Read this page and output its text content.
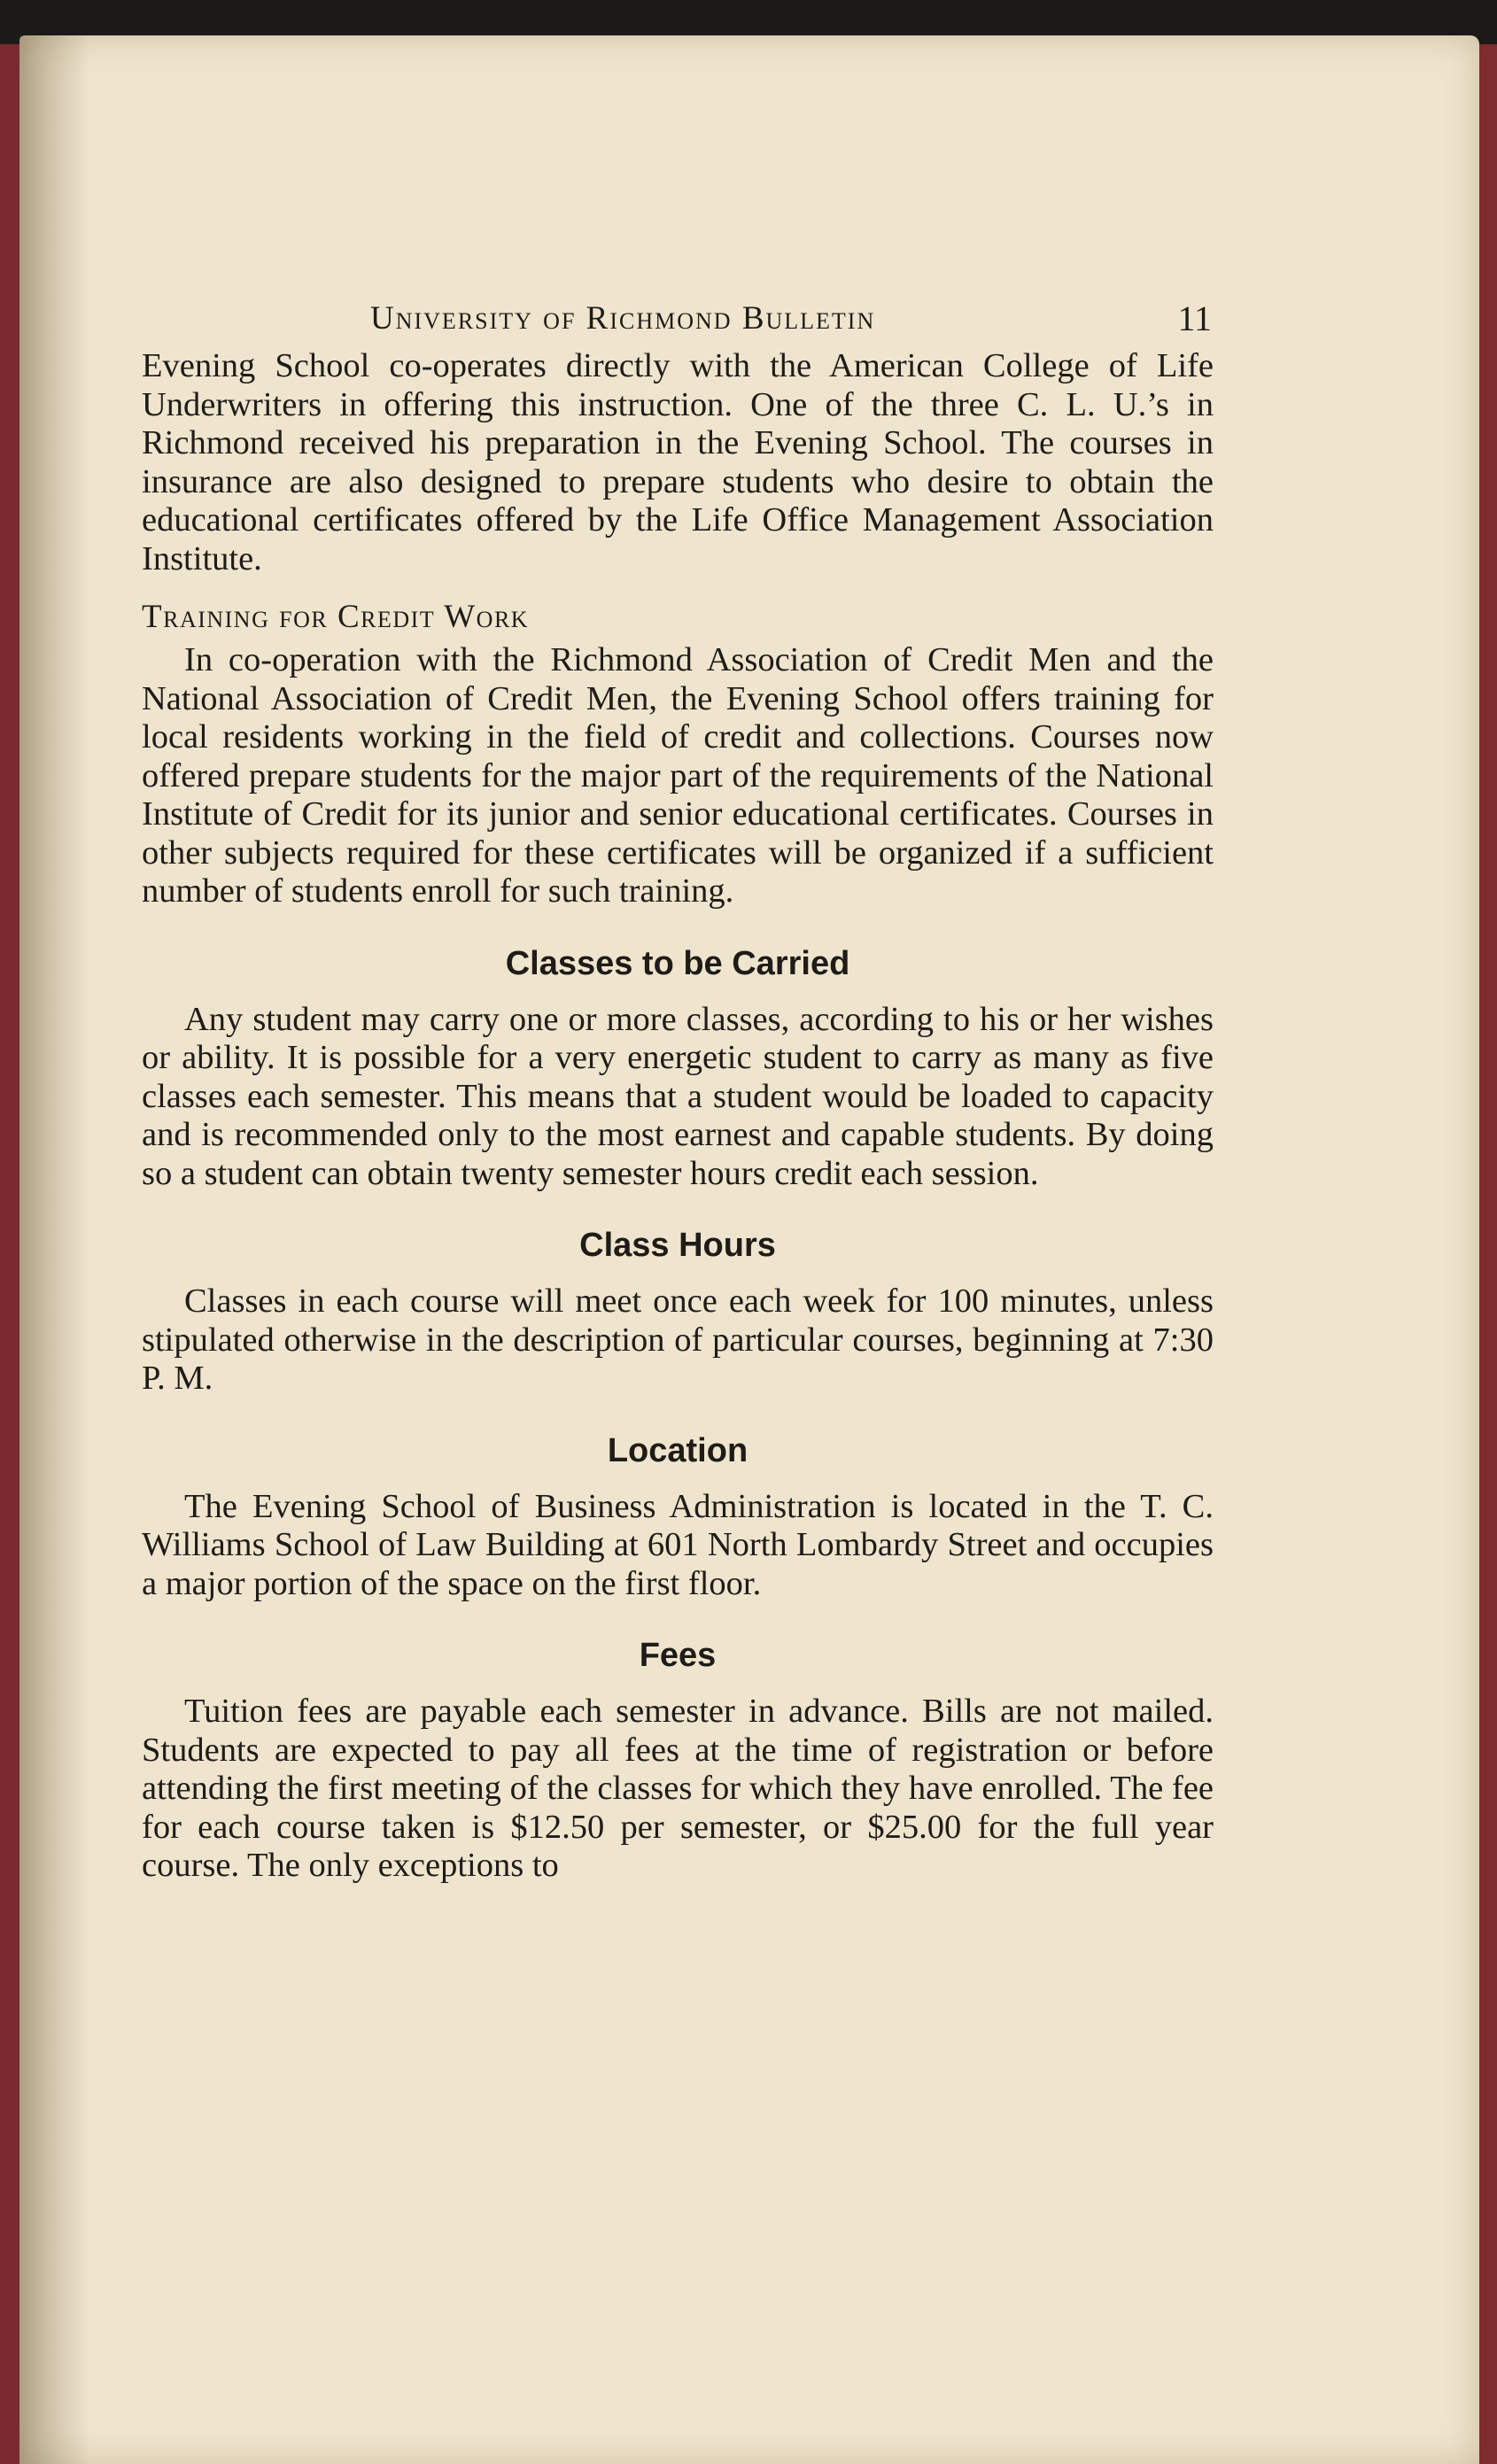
University of Richmond Bulletin	11

Evening School co-operates directly with the American College of Life Underwriters in offering this instruction. One of the three C. L. U.’s in Richmond received his preparation in the Evening School. The courses in insurance are also designed to prepare students who desire to obtain the educational certificates offered by the Life Office Management Association Institute.

Training for Credit Work

In co-operation with the Richmond Association of Credit Men and the National Association of Credit Men, the Evening School offers training for local residents working in the field of credit and collections. Courses now offered prepare students for the major part of the requirements of the National Institute of Credit for its junior and senior educational certificates. Courses in other subjects required for these certificates will be organized if a sufficient number of students enroll for such training.

Classes to be Carried

Any student may carry one or more classes, according to his or her wishes or ability. It is possible for a very energetic student to carry as many as five classes each semester. This means that a student would be loaded to capacity and is recommended only to the most earnest and capable students. By doing so a student can obtain twenty semester hours credit each session.

Class Hours

Classes in each course will meet once each week for 100 minutes, unless stipulated otherwise in the description of particular courses, beginning at 7:30 P. M.

Location

The Evening School of Business Administration is located in the T. C. Williams School of Law Building at 601 North Lombardy Street and occupies a major portion of the space on the first floor.

Fees

Tuition fees are payable each semester in advance. Bills are not mailed. Students are expected to pay all fees at the time of registration or before attending the first meeting of the classes for which they have enrolled. The fee for each course taken is $12.50 per semester, or $25.00 for the full year course. The only exceptions to
